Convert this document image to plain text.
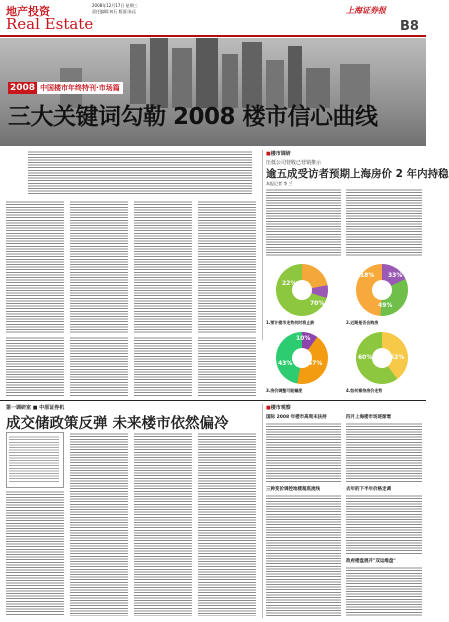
地产投资
Real Estate
2008年12月17日 星期三
责任编辑:何石 版面:朱远	上海证券报
B8
2008 中国楼市年终特刊·市场篇
三大关键词勾勒 2008 楼市信心曲线
■楼市调研
压低公司营收已营销推示
逾五成受访者预期上海房价 2 年内持稳
本报记者 李 兰
22%
70%
1.预计楼市走势何时将止跌
18% 33%
49%
2.近期是否会购房
10%
43%	47%
3.房价调整可能幅度
60%	52%
4.如何看待房价走势
第一调研室 ■ 中原证券机
成交储政策反弹 未来楼市依然偏冷
■楼市观察
国际 2008 年楼市高周末扶持	四月上海楼市场逐渐增
三种变价调控地楼超底流线	去年的下半年价格走调
政府楼盘展开"双运维盘"
